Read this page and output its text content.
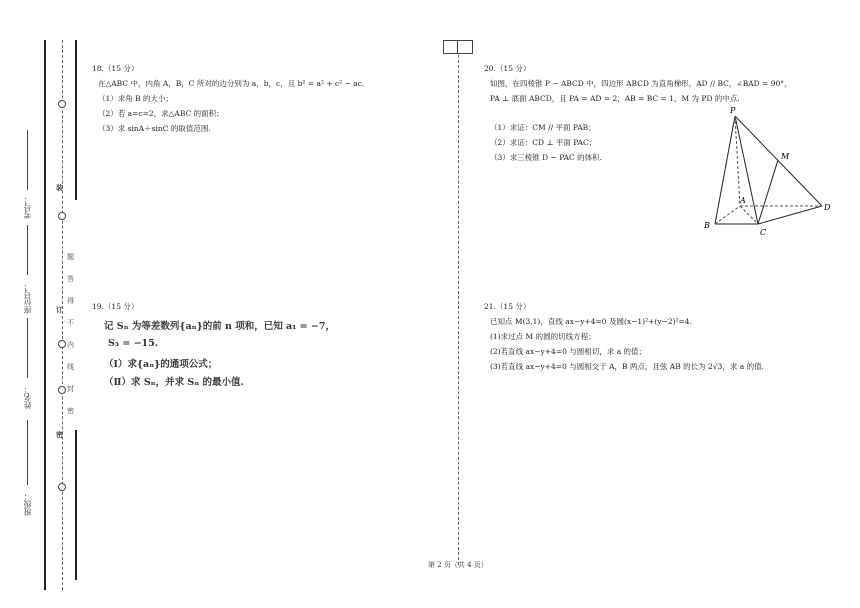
考号：
座位号：
姓名：
班级：
装
订
密
题
答
得
不
内
线
封
密
18.（15 分）
在△ABC 中，内角 A，B，C 所对的边分别为 a，b，c，且 b² = a² + c² − ac．
（1）求角 B 的大小；
（2）若 a=c=2，求△ABC 的面积；
（3）求 sinA＋sinC 的取值范围.
19.（15 分）
记 Sₙ 为等差数列{aₙ}的前 n 项和，已知 a₁ = −7，
S₃ = −15.
（Ⅰ）求{aₙ}的通项公式；
（Ⅱ）求 Sₙ，并求 Sₙ 的最小值.
20.（15 分）
如图，在四棱锥 P − ABCD 中，四边形 ABCD 为直角梯形，AD // BC，∠BAD = 90°，
PA ⊥ 底面 ABCD，且 PA = AD = 2，AB = BC = 1，M 为 PD 的中点.
（1）求证：CM // 平面 PAB；
（2）求证：CD ⊥ 平面 PAC；
（3）求三棱锥 D − PAC 的体积.
P
M
A
D
B
C
21.（15 分）
已知点 M(3,1)，直线 ax−y+4=0 及圆(x−1)²+(y−2)²=4.
(1)求过点 M 的圆的切线方程；
(2)若直线 ax−y+4=0 与圆相切，求 a 的值；
(3)若直线 ax−y+4=0 与圆相交于 A，B 两点，且弦 AB 的长为 2√3，求 a 的值.
第 2 页（共 4 页）
